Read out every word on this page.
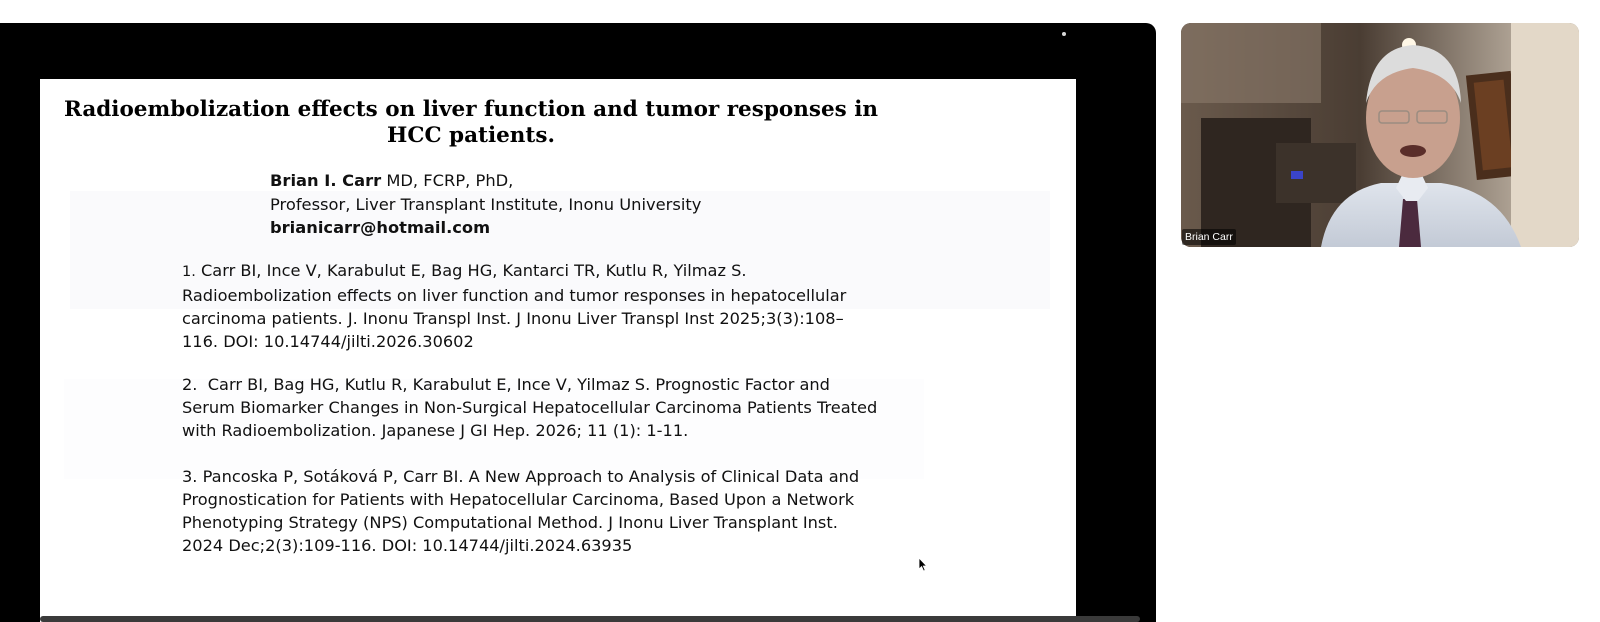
Radioembolization effects on liver function and tumor responses in HCC patients.
Brian I. Carr MD, FCRP, PhD,
Professor, Liver Transplant Institute, Inonu University
brianicarr@hotmail.com

1. Carr BI, Ince V, Karabulut E, Bag HG, Kantarci TR, Kutlu R, Yilmaz S.

Radioembolization effects on liver function and tumor responses in hepatocellular

carcinoma patients. J. Inonu Transpl Inst. J Inonu Liver Transpl Inst 2025;3(3):108–

116. DOI: 10.14744/jilti.2026.30602

2. Carr BI, Bag HG, Kutlu R, Karabulut E, Ince V, Yilmaz S. Prognostic Factor and

Serum Biomarker Changes in Non-Surgical Hepatocellular Carcinoma Patients Treated

with Radioembolization. Japanese J GI Hep. 2026; 11 (1): 1-11.

3. Pancoska P, Sotáková P, Carr BI. A New Approach to Analysis of Clinical Data and

Prognostication for Patients with Hepatocellular Carcinoma, Based Upon a Network

Phenotyping Strategy (NPS) Computational Method. J Inonu Liver Transplant Inst.

2024 Dec;2(3):109-116. DOI: 10.14744/jilti.2024.63935

Brian Carr
